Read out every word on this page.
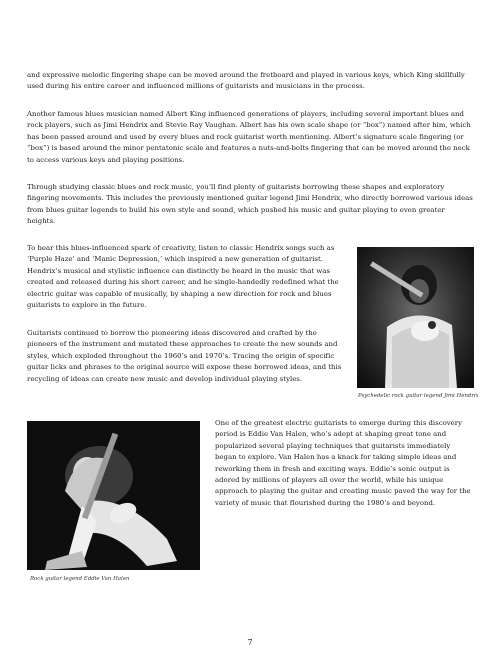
and expressive melodic fingering shape can be moved around the fretboard and played in various keys, which King skillfully used during his entire career and influenced millions of guitarists and musicians in the process.

Another famous blues musician named Albert King influenced generations of players, including several important blues and rock players, such as Jimi Hendrix and Stevie Ray Vaughan. Albert has his own scale shape (or “box”) named after him, which has been passed around and used by every blues and rock guitarist worth mentioning. Albert’s signature scale fingering (or “box”) is based around the minor pentatonic scale and features a nuts-and-bolts fingering that can be moved around the neck to access various keys and playing positions.

Through studying classic blues and rock music, you’ll find plenty of guitarists borrowing these shapes and exploratory fingering movements. This includes the previously mentioned guitar legend Jimi Hendrix, who directly borrowed various ideas from blues guitar legends to build his own style and sound, which pushed his music and guitar playing to even greater heights.

To hear this blues-influenced spark of creativity, listen to classic Hendrix songs such as ‘Purple Haze’ and ‘Manic Depression,’ which inspired a new generation of guitarist. Hendrix’s musical and stylistic influence can distinctly be heard in the music that was created and released during his short career, and he single-handedly redefined what the electric guitar was capable of musically, by shaping a new direction for rock and blues guitarists to explore in the future.

Guitarists continued to borrow the pioneering ideas discovered and crafted by the pioneers of the instrument and mutated these approaches to create the new sounds and styles, which exploded throughout the 1960’s and 1970’s. Tracing the origin of specific guitar licks and phrases to the original source will expose these borrowed ideas, and this recycling of ideas can create new music and develop individual playing styles.

One of the greatest electric guitarists to emerge during this discovery period is Eddie Van Halen, who’s adept at shaping great tone and popularized several playing techniques that guitarists immediately began to explore. Van Halen has a knack for taking simple ideas and reworking them in fresh and exciting ways. Eddie’s sonic output is adored by millions of players all over the world, while his unique approach to playing the guitar and creating music paved the way for the variety of music that flourished during the 1980’s and beyond.

Psychedelic rock guitar legend Jimi Hendrix
Rock guitar legend Eddie Van Halen
7
